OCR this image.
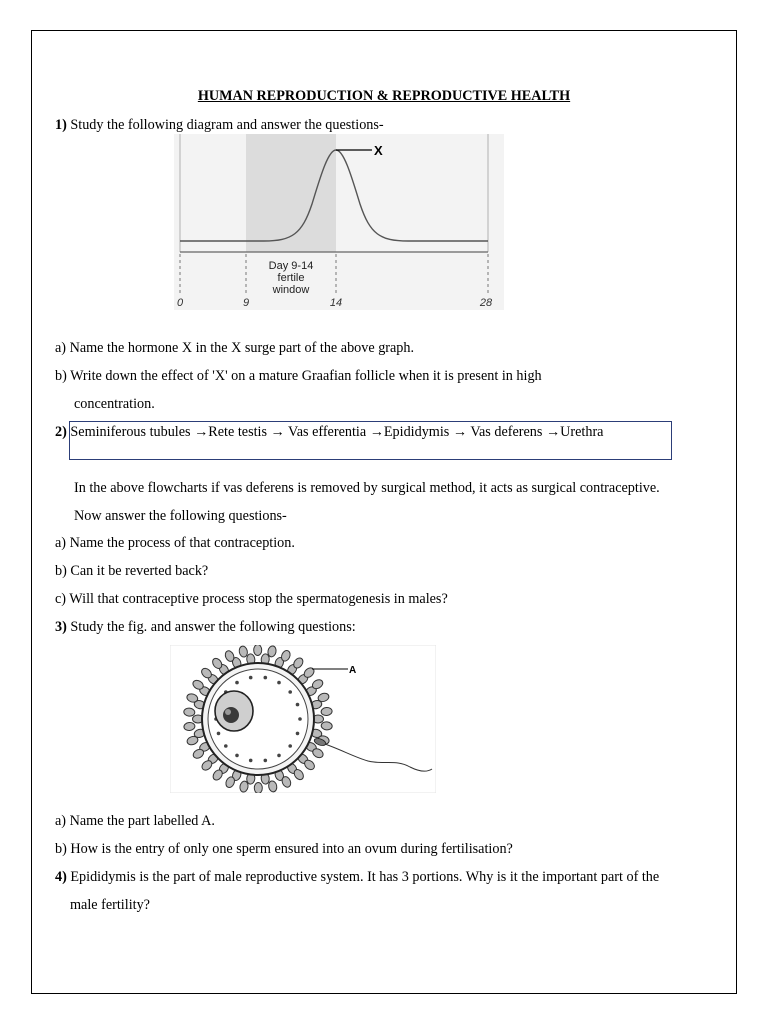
HUMAN REPRODUCTION & REPRODUCTIVE HEALTH
1) Study the following diagram and answer the questions-
X
Day 9-14
fertile
window
0	9	14	28
a) Name the hormone X in the X surge part of the above graph.
b) Write down the effect of 'X' on a mature Graafian follicle when it is present in high
concentration.
2) Seminiferous tubules →Rete testis → Vas efferentia →Epididymis → Vas deferens →Urethra
In the above flowcharts if vas deferens is removed by surgical method, it acts as surgical contraceptive.
Now answer the following questions-
a) Name the process of that contraception.
b) Can it be reverted back?
c) Will that contraceptive process stop the spermatogenesis in males?
3) Study the fig. and answer the following questions:
A
a) Name the part labelled A.
b) How is the entry of only one sperm ensured into an ovum during fertilisation?
4) Epididymis is the part of male reproductive system. It has 3 portions. Why is it the important part of the
male fertility?
